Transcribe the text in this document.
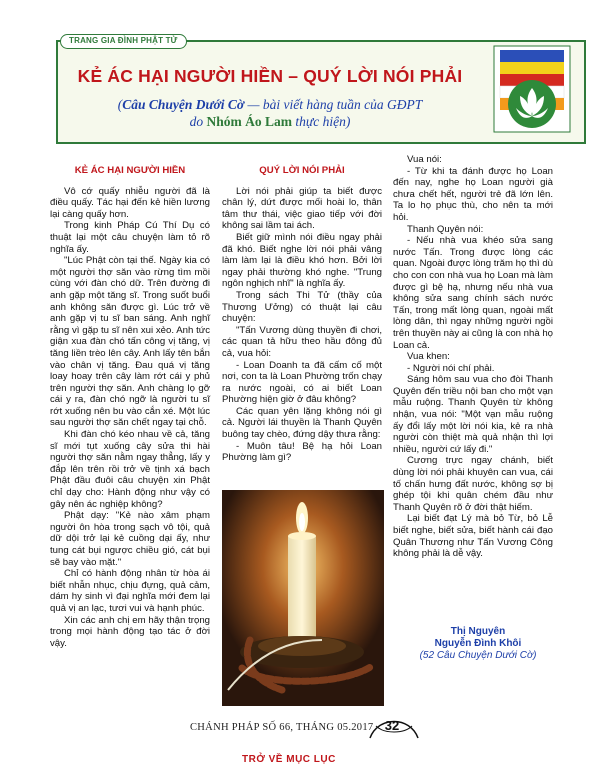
TRANG GIA ĐÌNH PHẬT TỬ
KẺ ÁC HẠI NGƯỜI HIỀN – QUÝ LỜI NÓI PHẢI
(Câu Chuyện Dưới Cờ — bài viết hàng tuần của GĐPT
do Nhóm Áo Lam thực hiện)
KẺ ÁC HẠI NGƯỜI HIỀN

Vô cớ quấy nhiễu người đã là điều quấy. Tác hại đến kẻ hiền lương lại càng quấy hơn.

Trong kinh Pháp Cú Thí Dụ có thuật lại một câu chuyện làm tỏ rõ nghĩa ấy.

"Lúc Phật còn tại thế. Ngày kia có một người thợ săn vào rừng tìm mồi cùng với đàn chó dữ. Trên đường đi anh gặp một tăng sĩ. Trong suốt buổi anh không săn được gì. Lúc trở về anh gặp vị tu sĩ ban sáng. Anh nghĩ rằng vì gặp tu sĩ nên xui xẻo. Anh tức giận xua đàn chó tấn công vị tăng, vị tăng liền trèo lên cây. Anh lấy tên bắn vào chân vị tăng. Đau quá vị tăng loay hoay trên cây làm rớt cái y phủ trên người thợ săn. Anh chàng lọ gỡ cái y ra, đàn chó ngỡ là người tu sĩ rớt xuống nên bu vào cắn xé. Một lúc sau người thợ săn chết ngay tại chỗ.

Khi đàn chó kéo nhau về cả, tăng sĩ mới tụt xuống cây sửa thi hài người thợ săn nằm ngay thẳng, lấy y đắp lên trên rồi trở về tịnh xá bạch Phật đầu đuôi câu chuyện xin Phật chỉ dạy cho: Hành động như vậy có gây nên ác nghiệp không?

Phật dạy: "Kẻ nào xâm phạm người ôn hòa trong sạch vô tội, quả dữ dội trở lại kẻ cuồng dại ấy, như tung cát bụi ngược chiều gió, cát bụi sẽ bay vào mặt."

Chỉ có hành động nhân từ hòa ái biết nhẫn nhục, chịu đựng, quả cảm, dám hy sinh vì đại nghĩa mới đem lại quả vị an lạc, tươi vui và hạnh phúc.

Xin các anh chị em hãy thận trọng trong mọi hành động tạo tác ở đời vậy.

QUÝ LỜI NÓI PHẢI

Lời nói phải giúp ta biết được chân lý, dứt được mối hoài lo, thân tâm thư thái, việc giao tiếp với đời không sai lầm tai ách.

Biết giữ mình nói điều ngay phải đã khó. Biết nghe lời nói phải vâng làm làm lại là điều khó hơn. Bởi lời ngay phải thường khó nghe. "Trung ngôn nghịch nhĩ" là nghĩa ấy.

Trong sách Thi Tử (thầy của Thương Ưởng) có thuật lại câu chuyện:

"Tấn Vương dùng thuyền đi chơi, các quan tả hữu theo hầu đông đủ cả, vua hỏi:

- Loan Doanh ta đã cấm cố một nơi, con ta là Loan Phường trốn chạy ra nước ngoài, có ai biết Loan Phường hiện giờ ở đâu không?

Các quan yên lặng không nói gì cả. Người lái thuyền là Thanh Quyên buông tay chèo, đứng dậy thưa rằng:

- Muôn tâu! Bệ hạ hỏi Loan Phường làm gì?

Vua nói:

- Từ khi ta đánh được họ Loan đến nay, nghe họ Loan người già chưa chết hết, người trẻ đã lớn lên. Ta lo họ phục thù, cho nên ta mới hỏi.

Thanh Quyên nói:

- Nếu nhà vua khéo sửa sang nước Tấn. Trong được lòng các quan. Ngoài được lòng trăm họ thì dù cho con con nhà vua họ Loan mà làm được gì bệ hạ, nhưng nếu nhà vua không sửa sang chính sách nước Tấn, trong mất lòng quan, ngoài mất lòng dân, thì ngay những người ngồi trên thuyền này ai cũng là con nhà họ Loan cả.

Vua khen:

- Người nói chí phải.

Sáng hôm sau vua cho đòi Thanh Quyên đến triều nội ban cho một vạn mẫu ruộng. Thanh Quyên từ không nhận, vua nói: "Một vạn mẫu ruộng ấy đổi lấy một lời nói kia, kẻ ra nhà người còn thiệt mà quả nhận thì lợi nhiều, người cứ lấy đi."

Cương trực ngay chánh, biết dùng lời nói phải khuyên can vua, cái tố chấn hưng đất nước, không sợ bị ghép tội khi quân chém đầu như Thanh Quyên rõ ở đời thật hiếm.

Lại biết đạt Lý mà bỏ Từ, bỏ Lễ biết nghe, biết sửa, biết hành cái đạo Quân Thương như Tấn Vương Công không phải là dễ vậy.

Thị Nguyên
Nguyễn Đình Khôi
(52 Câu Chuyện Dưới Cờ)
CHÁNH PHÁP SỐ 66, THÁNG 05.2017 32
TRỞ VỀ MỤC LỤC
